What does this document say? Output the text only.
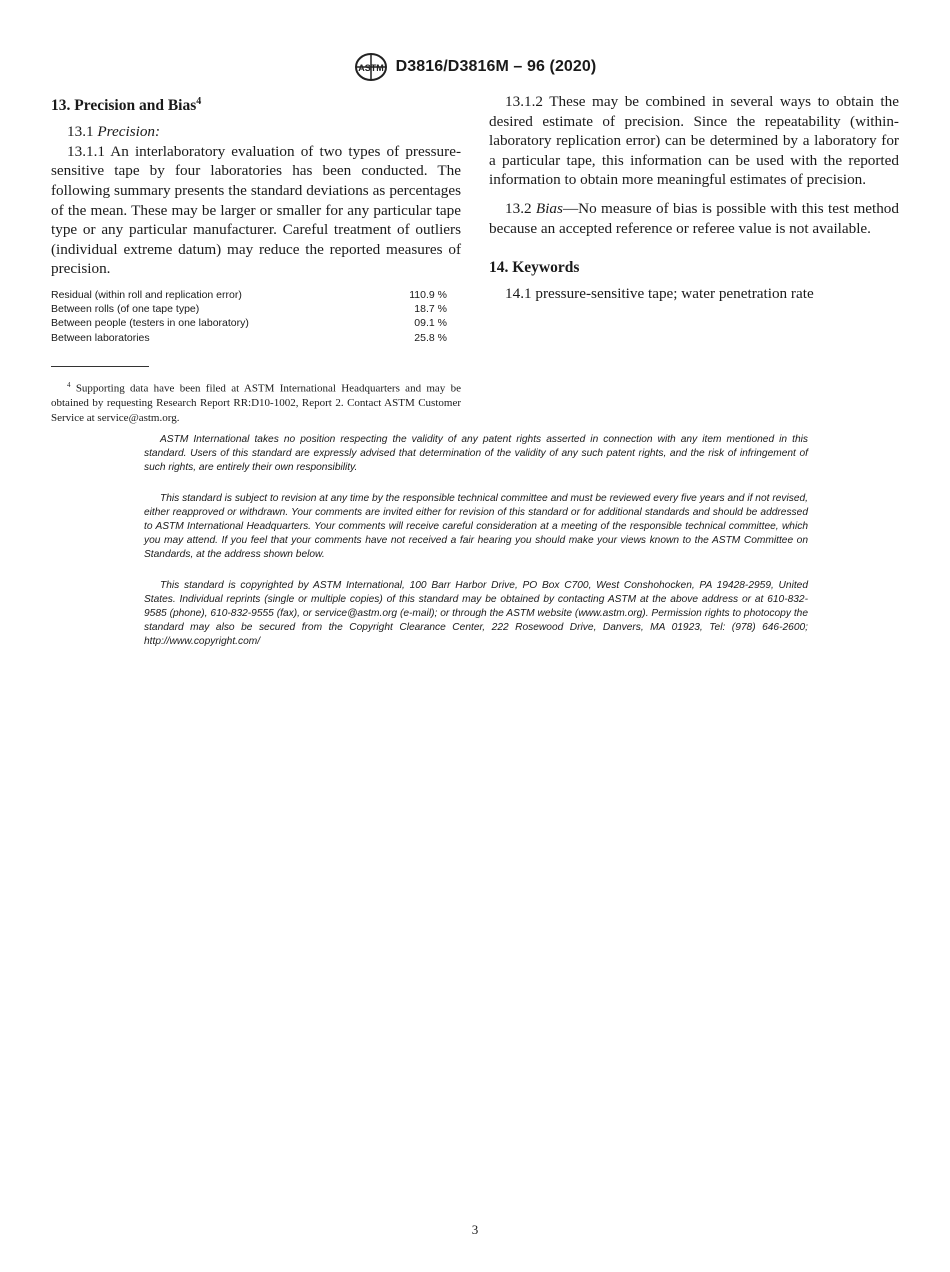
ASTM D3816/D3816M – 96 (2020)
13. Precision and Bias$^4$

13.1 Precision:

13.1.1 An interlaboratory evaluation of two types of pressure-sensitive tape by four laboratories has been conducted. The following summary presents the standard deviations as percentages of the mean. These may be larger or smaller for any particular tape type or any particular manufacturer. Careful treatment of outliers (individual extreme datum) may reduce the reported measures of precision.

Residual (within roll and replication error)	110.9 %
Between rolls (of one tape type)	18.7 %
Between people (testers in one laboratory)	09.1 %
Between laboratories	25.8 %

$^4$ Supporting data have been filed at ASTM International Headquarters and may be obtained by requesting Research Report RR:D10-1002, Report 2. Contact ASTM Customer Service at service@astm.org.

13.1.2 These may be combined in several ways to obtain the desired estimate of precision. Since the repeatability (within-laboratory replication error) can be determined by a laboratory for a particular tape, this information can be used with the reported information to obtain more meaningful estimates of precision.

13.2 Bias—No measure of bias is possible with this test method because an accepted reference or referee value is not available.

14. Keywords

14.1 pressure-sensitive tape; water penetration rate

ASTM International takes no position respecting the validity of any patent rights asserted in connection with any item mentioned in this standard. Users of this standard are expressly advised that determination of the validity of any such patent rights, and the risk of infringement of such rights, are entirely their own responsibility.

This standard is subject to revision at any time by the responsible technical committee and must be reviewed every five years and if not revised, either reapproved or withdrawn. Your comments are invited either for revision of this standard or for additional standards and should be addressed to ASTM International Headquarters. Your comments will receive careful consideration at a meeting of the responsible technical committee, which you may attend. If you feel that your comments have not received a fair hearing you should make your views known to the ASTM Committee on Standards, at the address shown below.

This standard is copyrighted by ASTM International, 100 Barr Harbor Drive, PO Box C700, West Conshohocken, PA 19428-2959, United States. Individual reprints (single or multiple copies) of this standard may be obtained by contacting ASTM at the above address or at 610-832-9585 (phone), 610-832-9555 (fax), or service@astm.org (e-mail); or through the ASTM website (www.astm.org). Permission rights to photocopy the standard may also be secured from the Copyright Clearance Center, 222 Rosewood Drive, Danvers, MA 01923, Tel: (978) 646-2600; http://www.copyright.com/

3
